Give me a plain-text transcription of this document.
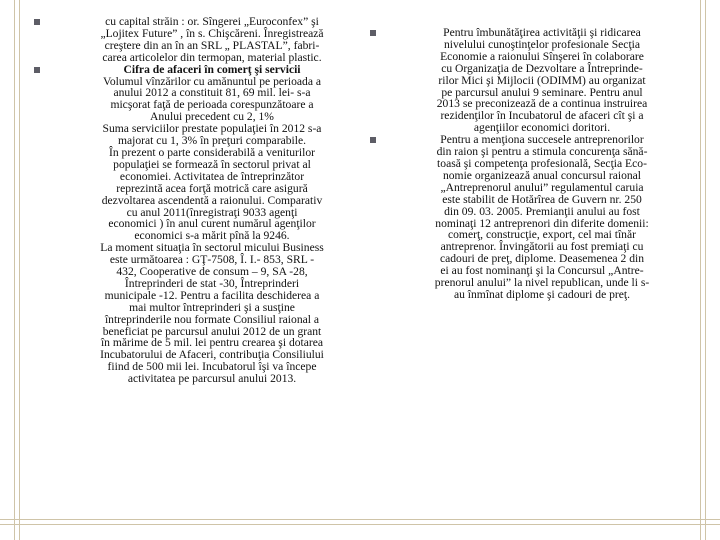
cu capital străin : or. Sîngerei „Euroconfex” şi
„Lojitex Future” , în s. Chişcăreni. Înregistrează
creştere din an în an SRL „ PLASTAL”, fabri-
carea articolelor din termopan, material plastic.
Cifra de afaceri în comerţ şi servicii
Volumul vînzărilor cu amănuntul pe perioada a
anului 2012 a constituit 81, 69 mil. lei- s-a
micşorat faţă de perioada corespunzătoare a
Anului precedent cu 2, 1%
Suma serviciilor prestate populaţiei în 2012 s-a
majorat cu 1, 3% în preţuri comparabile.
În prezent o parte considerabilă a veniturilor
populaţiei se formează în sectorul privat al
economiei. Activitatea de întreprinzător
reprezintă acea forţă motrică care asigură
dezvoltarea ascendentă a raionului. Comparativ
cu anul 2011(înregistraţi 9033 agenţi
economici ) în anul curent numărul agenţilor
economici s-a mărit pînă la 9246.
La moment situaţia în sectorul micului Business
este următoarea : GŢ-7508, Î. I.- 853, SRL -
432, Cooperative de consum – 9, SA -28,
Întreprinderi de stat -30, Întreprinderi
municipale -12. Pentru a facilita deschiderea a
mai multor întreprinderi şi a susţine
întreprinderile nou formate Consiliul raional a
beneficiat pe parcursul anului 2012 de un grant
în mărime de 5 mil. lei pentru crearea şi dotarea
Incubatorului de Afaceri, contribuţia Consiliului
fiind de 500 mii lei. Incubatorul îşi va începe
activitatea pe parcursul anului 2013.
Pentru îmbunătăţirea activităţii şi ridicarea
nivelului cunoştinţelor profesionale Secţia
Economie a raionului Sînşerei în colaborare
cu Organizaţia de Dezvoltare a Întreprinde-
rilor Mici şi Mijlocii (ODIMM) au organizat
pe parcursul anului 9 seminare. Pentru anul
2013 se preconizează de a continua instruirea
rezidenţilor în Incubatorul de afaceri cît şi a
agenţiilor economici doritori.
Pentru a menţiona succesele antreprenorilor
din raion şi pentru a stimula concurenţa sănă-
toasă şi competenţa profesională, Secţia Eco-
nomie organizează anual concursul raional
„Antreprenorul anului” regulamentul caruia
este stabilit de Hotărîrea de Guvern nr. 250
din 09. 03. 2005. Premianţii anului au fost
nominaţi 12 antreprenori din diferite domenii:
comerţ, construcţie, export, cel mai tînăr
antreprenor. Învingătorii au fost premiaţi cu
cadouri de preţ, diplome. Deasemenea 2 din
ei au fost nominanţi şi la Concursul „Antre-
prenorul anului” la nivel republican, unde li s-
au înmînat diplome şi cadouri de preţ.
